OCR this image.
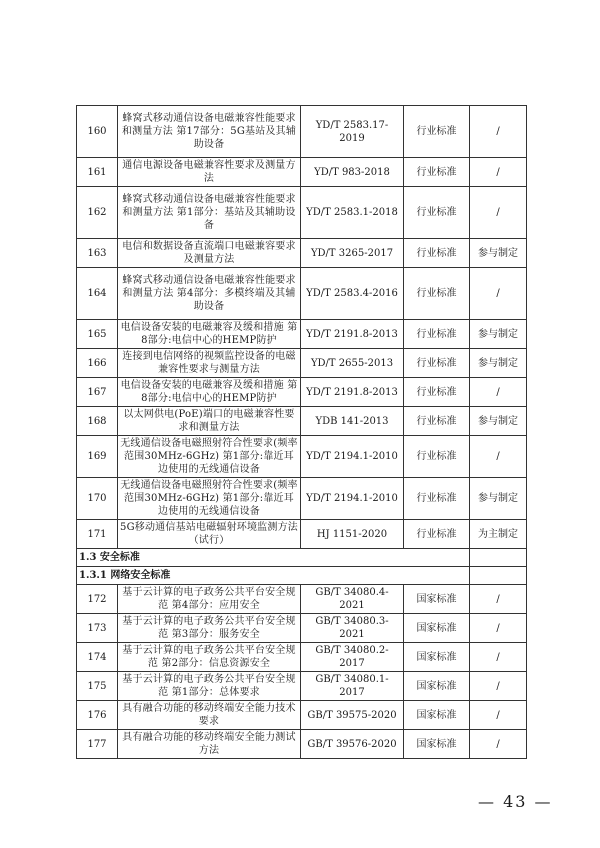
160	蜂窝式移动通信设备电磁兼容性能要求和测量方法 第17部分：5G基站及其辅助设备	YD/T 2583.17-2019	行业标准	/
161	通信电源设备电磁兼容性要求及测量方法	YD/T 983-2018	行业标准	/
162	蜂窝式移动通信设备电磁兼容性能要求和测量方法 第1部分：基站及其辅助设备	YD/T 2583.1-2018	行业标准	/
163	电信和数据设备直流端口电磁兼容要求及测量方法	YD/T 3265-2017	行业标准	参与制定
164	蜂窝式移动通信设备电磁兼容性能要求和测量方法 第4部分：多模终端及其辅助设备	YD/T 2583.4-2016	行业标准	/
165	电信设备安装的电磁兼容及缓和措施 第8部分:电信中心的HEMP防护	YD/T 2191.8-2013	行业标准	参与制定
166	连接到电信网络的视频监控设备的电磁兼容性要求与测量方法	YD/T 2655-2013	行业标准	参与制定
167	电信设备安装的电磁兼容及缓和措施 第8部分:电信中心的HEMP防护	YD/T 2191.8-2013	行业标准	/
168	以太网供电(PoE)端口的电磁兼容性要求和测量方法	YDB 141-2013	行业标准	参与制定
169	无线通信设备电磁照射符合性要求(频率范围30MHz-6GHz) 第1部分:靠近耳边使用的无线通信设备	YD/T 2194.1-2010	行业标准	/
170	无线通信设备电磁照射符合性要求(频率范围30MHz-6GHz) 第1部分:靠近耳边使用的无线通信设备	YD/T 2194.1-2010	行业标准	参与制定
171	5G移动通信基站电磁辐射环境监测方法（试行）	HJ 1151-2020	行业标准	为主制定
1.3 安全标准				
1.3.1 网络安全标准				
172	基于云计算的电子政务公共平台安全规范 第4部分：应用安全	GB/T 34080.4-2021	国家标准	/
173	基于云计算的电子政务公共平台安全规范 第3部分：服务安全	GB/T 34080.3-2021	国家标准	/
174	基于云计算的电子政务公共平台安全规范 第2部分：信息资源安全	GB/T 34080.2-2017	国家标准	/
175	基于云计算的电子政务公共平台安全规范 第1部分：总体要求	GB/T 34080.1-2017	国家标准	/
176	具有融合功能的移动终端安全能力技术要求	GB/T 39575-2020	国家标准	/
177	具有融合功能的移动终端安全能力测试方法	GB/T 39576-2020	国家标准	/
— 43 —
